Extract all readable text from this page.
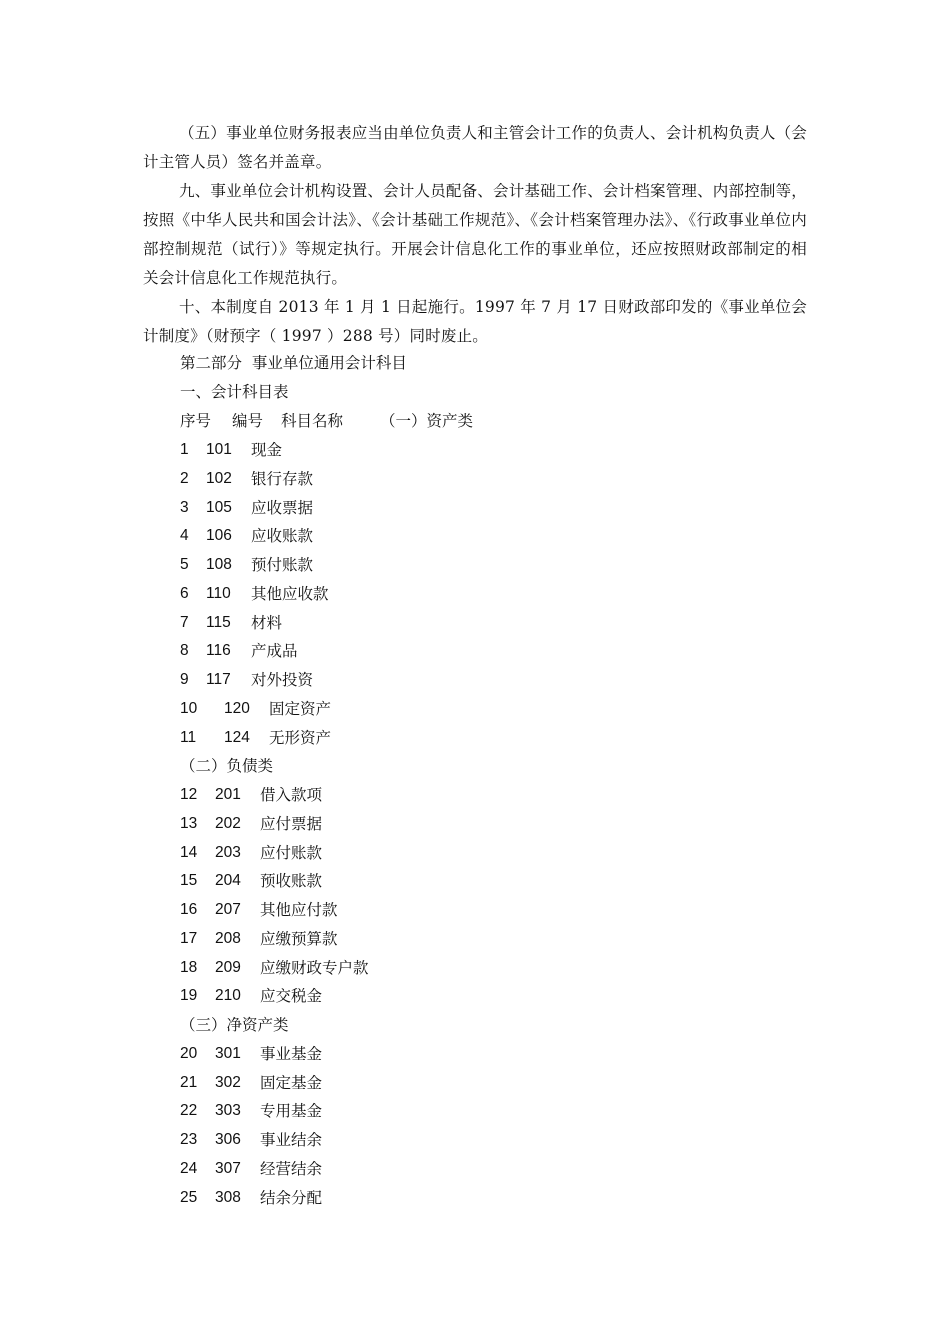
（五）事业单位财务报表应当由单位负责人和主管会计工作的负责人、会计机构负责人（会计主管人员）签名并盖章。

九、事业单位会计机构设置、会计人员配备、会计基础工作、会计档案管理、内部控制等，按照《中华人民共和国会计法》、《会计基础工作规范》、《会计档案管理办法》、《行政事业单位内部控制规范（试行）》等规定执行。开展会计信息化工作的事业单位，还应按照财政部制定的相关会计信息化工作规范执行。

十、本制度自 2013 年 1 月 1 日起施行。1997 年 7 月 17 日财政部印发的《事业单位会计制度》（财预字（ 1997 ）288 号）同时废止。

第二部分  事业单位通用会计科目
一、会计科目表
序号 编号 科目名称 （一）资产类
1 101 现金
2 102 银行存款
3 105 应收票据
4 106 应收账款
5 108 预付账款
6 110 其他应收款
7 115 材料
8 116 产成品
9 117 对外投资
10 120 固定资产
11 124 无形资产
（二）负债类
12 201 借入款项
13 202 应付票据
14 203 应付账款
15 204 预收账款
16 207 其他应付款
17 208 应缴预算款
18 209 应缴财政专户款
19 210 应交税金
（三）净资产类
20 301 事业基金
21 302 固定基金
22 303 专用基金
23 306 事业结余
24 307 经营结余
25 308 结余分配
